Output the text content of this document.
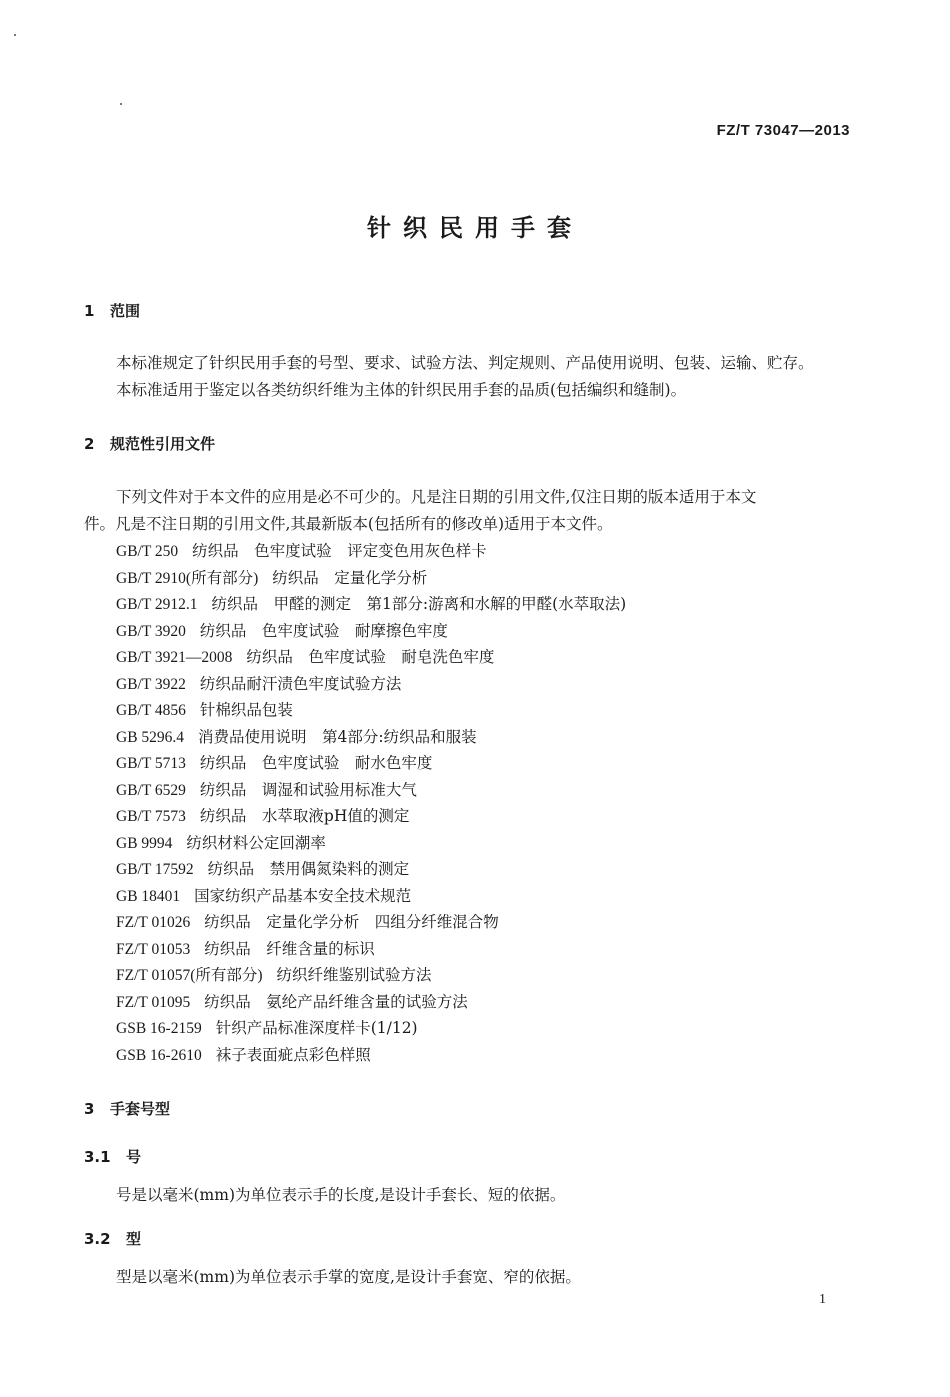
FZ/T 73047—2013
针织民用手套
1 范围
本标准规定了针织民用手套的号型、要求、试验方法、判定规则、产品使用说明、包装、运输、贮存。
本标准适用于鉴定以各类纺织纤维为主体的针织民用手套的品质(包括编织和缝制)。
2 规范性引用文件
下列文件对于本文件的应用是必不可少的。凡是注日期的引用文件,仅注日期的版本适用于本文
件。凡是不注日期的引用文件,其最新版本(包括所有的修改单)适用于本文件。
GB/T 250 纺织品　色牢度试验　评定变色用灰色样卡
GB/T 2910(所有部分) 纺织品　定量化学分析
GB/T 2912.1 纺织品　甲醛的测定　第1部分:游离和水解的甲醛(水萃取法)
GB/T 3920 纺织品　色牢度试验　耐摩擦色牢度
GB/T 3921—2008 纺织品　色牢度试验　耐皂洗色牢度
GB/T 3922 纺织品耐汗渍色牢度试验方法
GB/T 4856 针棉织品包装
GB 5296.4 消费品使用说明　第4部分:纺织品和服装
GB/T 5713 纺织品　色牢度试验　耐水色牢度
GB/T 6529 纺织品　调湿和试验用标准大气
GB/T 7573 纺织品　水萃取液pH值的测定
GB 9994 纺织材料公定回潮率
GB/T 17592 纺织品　禁用偶氮染料的测定
GB 18401 国家纺织产品基本安全技术规范
FZ/T 01026 纺织品　定量化学分析　四组分纤维混合物
FZ/T 01053 纺织品　纤维含量的标识
FZ/T 01057(所有部分) 纺织纤维鉴别试验方法
FZ/T 01095 纺织品　氨纶产品纤维含量的试验方法
GSB 16-2159 针织产品标准深度样卡(1/12)
GSB 16-2610 袜子表面疵点彩色样照
3 手套号型
3.1 号
号是以毫米(mm)为单位表示手的长度,是设计手套长、短的依据。
3.2 型
型是以毫米(mm)为单位表示手掌的宽度,是设计手套宽、窄的依据。
1
